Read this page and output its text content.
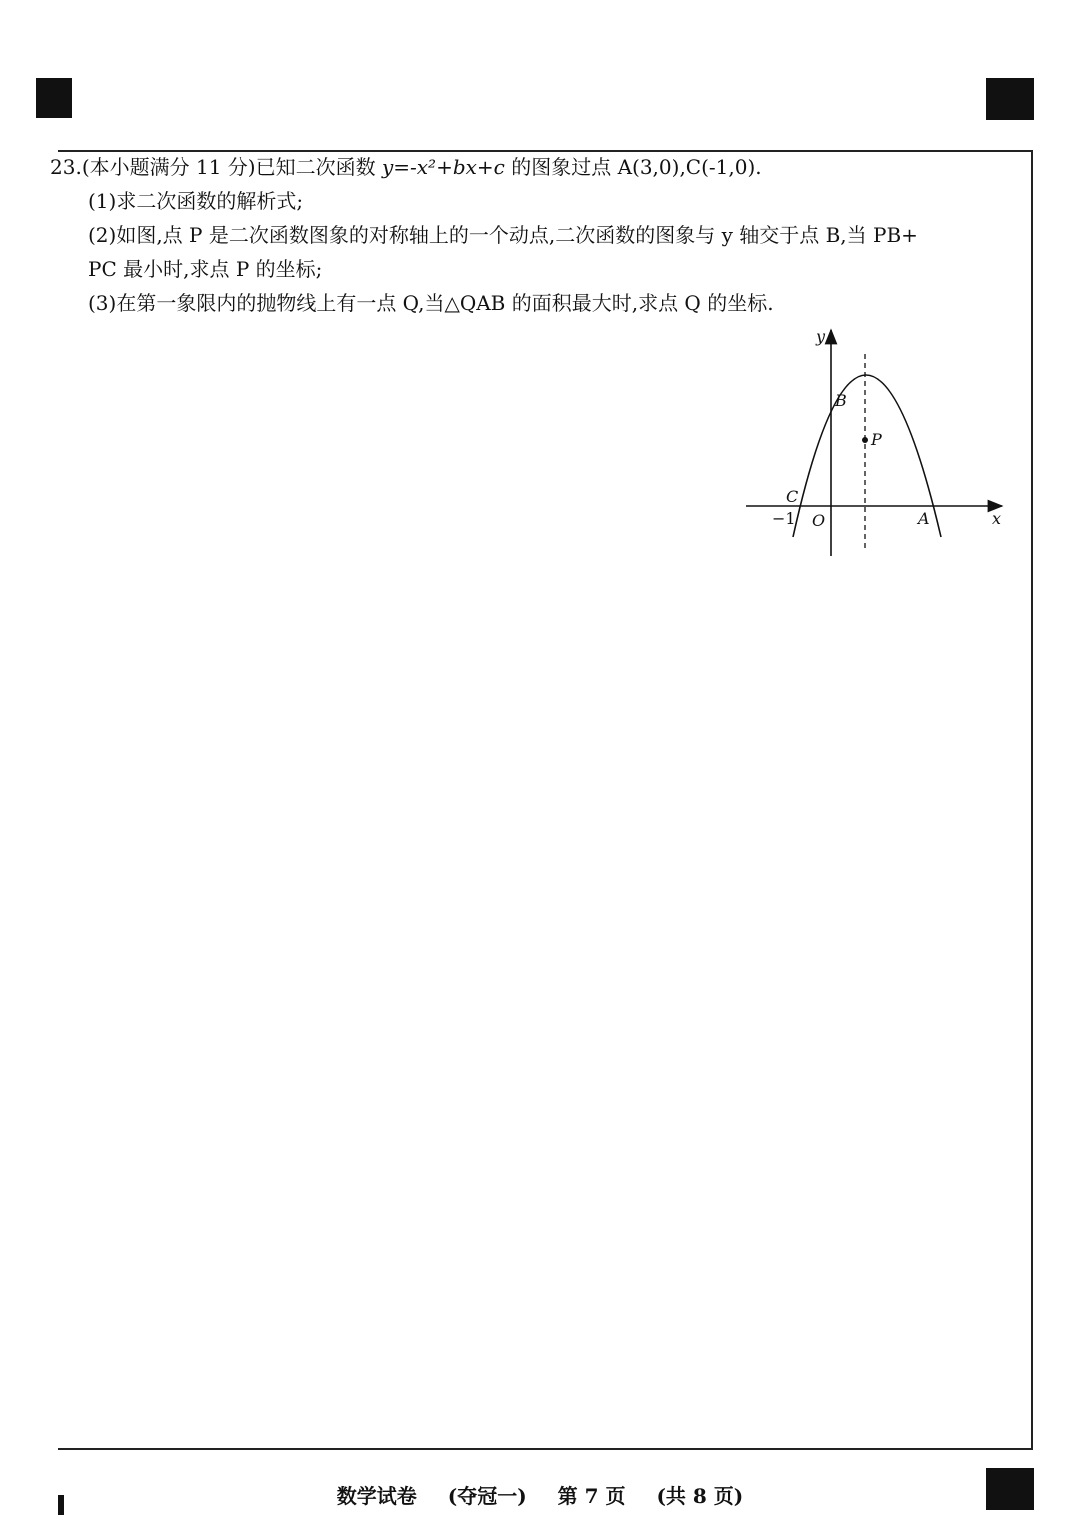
23.(本小题满分 11 分)已知二次函数 y=-x²+bx+c 的图象过点 A(3,0),C(-1,0).
(1)求二次函数的解析式;
(2)如图,点 P 是二次函数图象的对称轴上的一个动点,二次函数的图象与 y 轴交于点 B,当 PB+
PC 最小时,求点 P 的坐标;
(3)在第一象限内的抛物线上有一点 Q,当△QAB 的面积最大时,求点 Q 的坐标.
y
x
O	A
B
C
P
−1
数学试卷 (夺冠一) 第 7 页 (共 8 页)
